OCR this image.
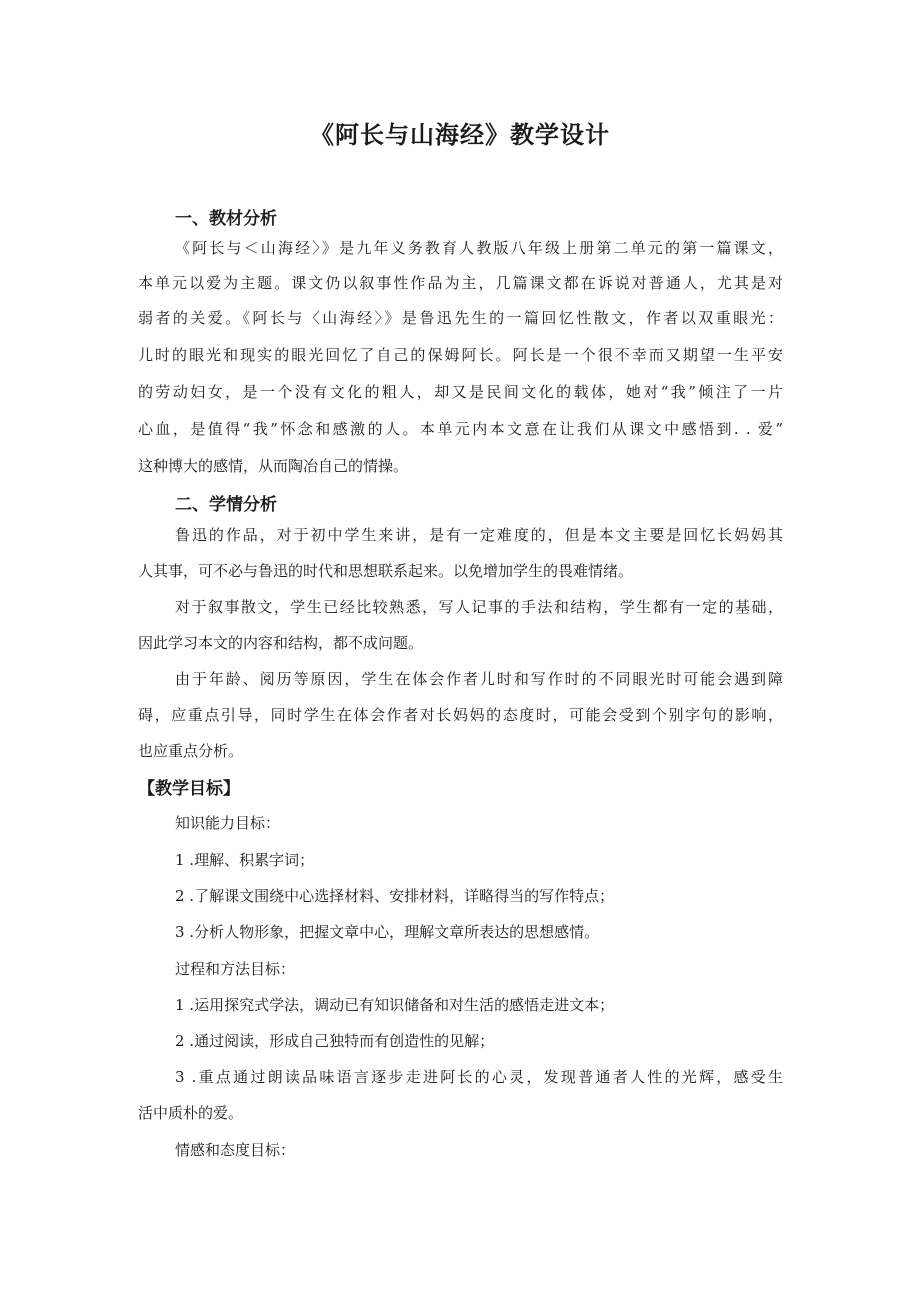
《阿长与山海经》教学设计
一、教材分析
《阿长与＜山海经〉》是九年义务教育人教版八年级上册第二单元的第一篇课文，
本单元以爱为主题。课文仍以叙事性作品为主，几篇课文都在诉说对普通人，尤其是对
弱者的关爱。《阿长与〈山海经〉》是鲁迅先生的一篇回忆性散文，作者以双重眼光：
儿时的眼光和现实的眼光回忆了自己的保姆阿长。阿长是一个很不幸而又期望一生平安
的劳动妇女，是一个没有文化的粗人，却又是民间文化的载体，她对“我”倾注了一片
心血，是值得“我”怀念和感激的人。本单元内本文意在让我们从课文中感悟到. . 爱”
这种博大的感情，从而陶冶自己的情操。
二、学情分析
鲁迅的作品，对于初中学生来讲，是有一定难度的，但是本文主要是回忆长妈妈其
人其事，可不必与鲁迅的时代和思想联系起来。以免增加学生的畏难情绪。
对于叙事散文，学生已经比较熟悉，写人记事的手法和结构，学生都有一定的基础，
因此学习本文的内容和结构，都不成问题。
由于年龄、阅历等原因，学生在体会作者儿时和写作时的不同眼光时可能会遇到障
碍，应重点引导，同时学生在体会作者对长妈妈的态度时，可能会受到个别字句的影响，
也应重点分析。
【教学目标】
知识能力目标：
1 .理解、积累字词；
2 .了解课文围绕中心选择材料、安排材料，详略得当的写作特点；
3 .分析人物形象，把握文章中心，理解文章所表达的思想感情。
过程和方法目标：
1 .运用探究式学法，调动已有知识储备和对生活的感悟走进文本；
2 .通过阅读，形成自己独特而有创造性的见解；
3 .重点通过朗读品味语言逐步走进阿长的心灵，发现普通者人性的光辉，感受生
活中质朴的爱。
情感和态度目标：
